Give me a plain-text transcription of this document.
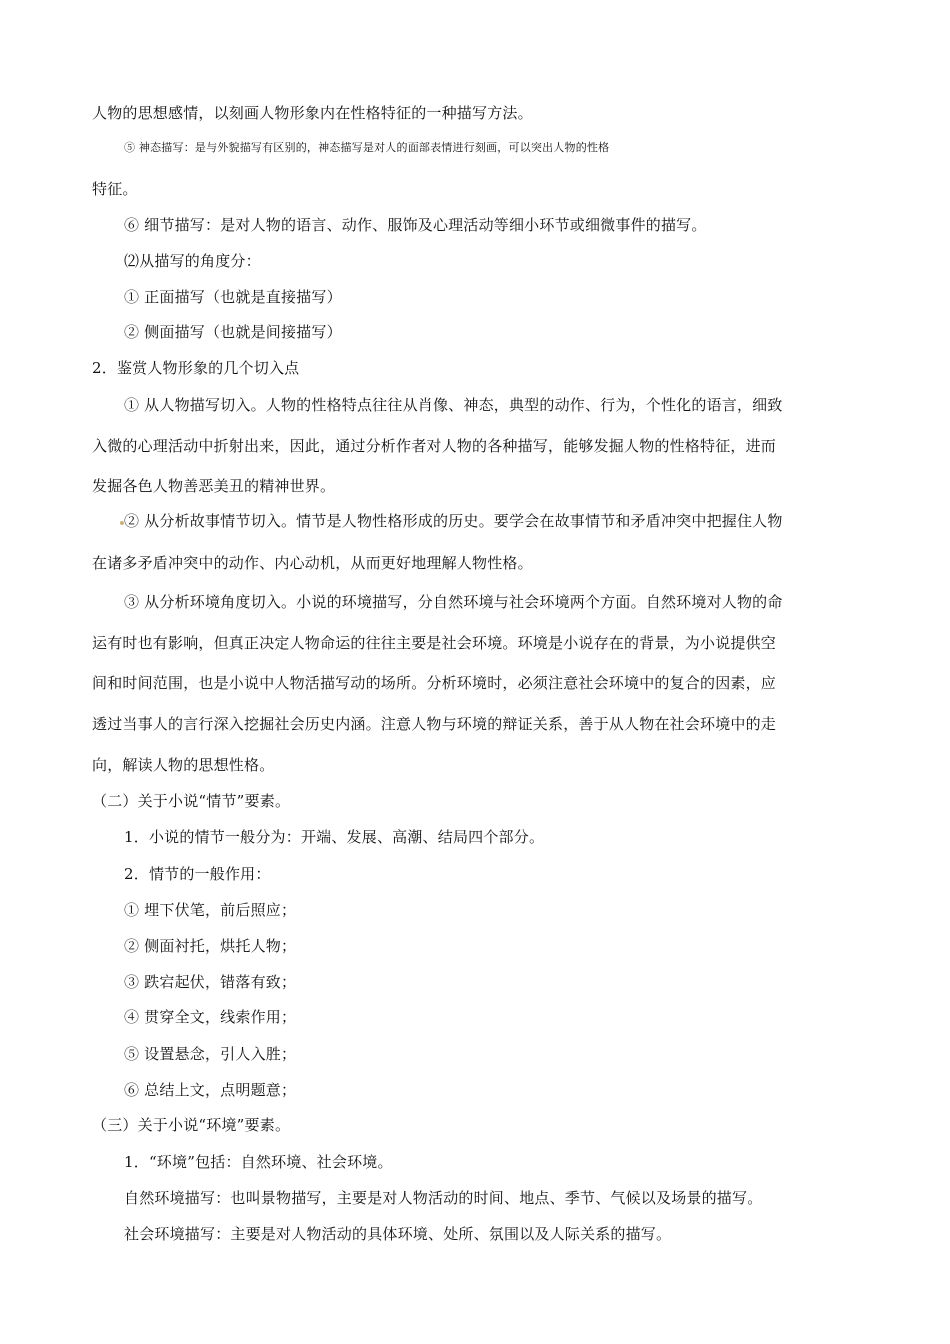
人物的思想感情，以刻画人物形象内在性格特征的一种描写方法。
⑤ 神态描写：是与外貌描写有区别的，神态描写是对人的面部表情进行刻画，可以突出人物的性格
特征。
⑥ 细节描写：是对人物的语言、动作、服饰及心理活动等细小环节或细微事件的描写。
⑵从描写的角度分：
① 正面描写（也就是直接描写）
② 侧面描写（也就是间接描写）
2．鉴赏人物形象的几个切入点
① 从人物描写切入。人物的性格特点往往从肖像、神态，典型的动作、行为，个性化的语言，细致
入微的心理活动中折射出来，因此，通过分析作者对人物的各种描写，能够发掘人物的性格特征，进而
发掘各色人物善恶美丑的精神世界。
② 从分析故事情节切入。情节是人物性格形成的历史。要学会在故事情节和矛盾冲突中把握住人物
在诸多矛盾冲突中的动作、内心动机，从而更好地理解人物性格。
③ 从分析环境角度切入。小说的环境描写，分自然环境与社会环境两个方面。自然环境对人物的命
运有时也有影响，但真正决定人物命运的往往主要是社会环境。环境是小说存在的背景，为小说提供空
间和时间范围，也是小说中人物活描写动的场所。分析环境时，必须注意社会环境中的复合的因素，应
透过当事人的言行深入挖掘社会历史内涵。注意人物与环境的辩证关系，善于从人物在社会环境中的走
向，解读人物的思想性格。
（二）关于小说“情节”要素。
1．小说的情节一般分为：开端、发展、高潮、结局四个部分。
2．情节的一般作用：
① 埋下伏笔，前后照应；
② 侧面衬托，烘托人物；
③ 跌宕起伏，错落有致；
④ 贯穿全文，线索作用；
⑤ 设置悬念，引人入胜；
⑥ 总结上文，点明题意；
（三）关于小说“环境”要素。
1．“环境”包括：自然环境、社会环境。
自然环境描写：也叫景物描写，主要是对人物活动的时间、地点、季节、气候以及场景的描写。
社会环境描写：主要是对人物活动的具体环境、处所、氛围以及人际关系的描写。
